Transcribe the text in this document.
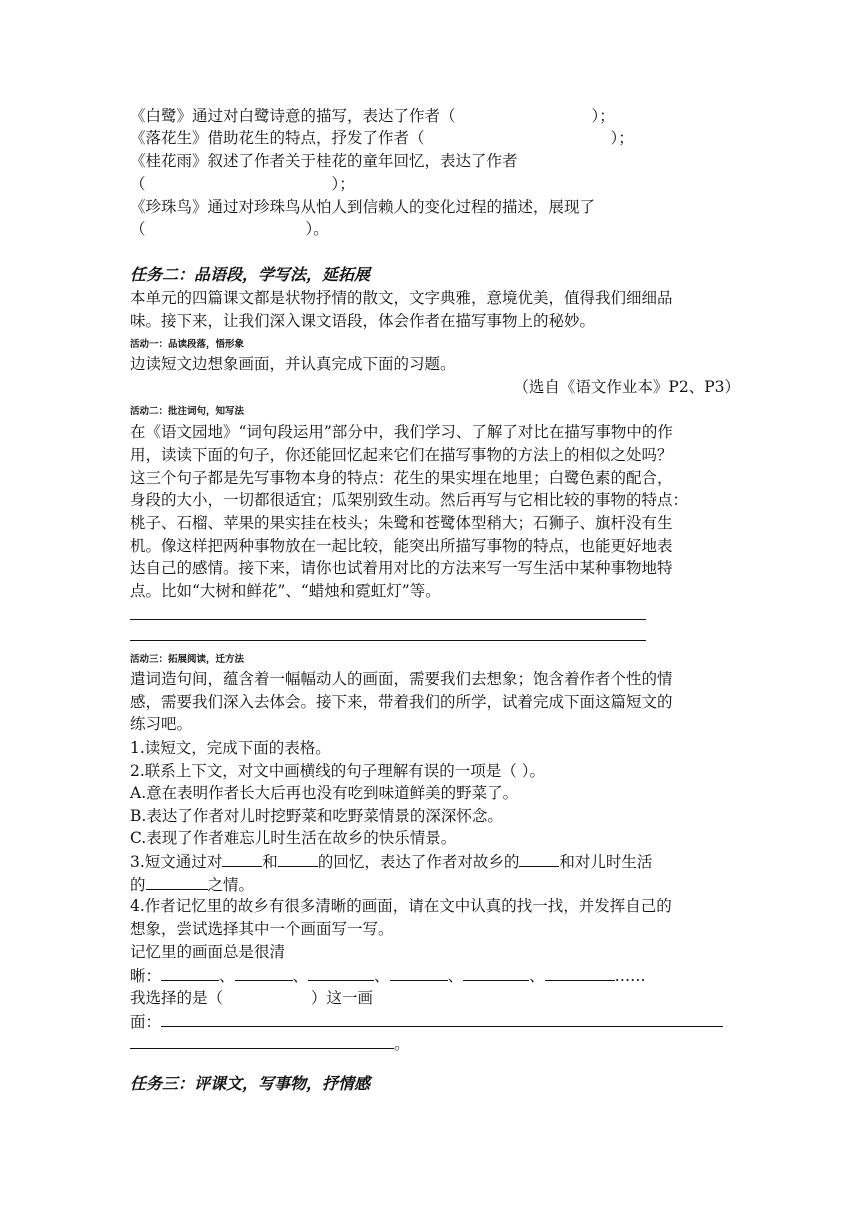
《白鹭》通过对白鹭诗意的描写，表达了作者（	）；
《落花生》借助花生的特点，抒发了作者（	）；
《桂花雨》叙述了作者关于桂花的童年回忆，表达了作者
（	）；
《珍珠鸟》通过对珍珠鸟从怕人到信赖人的变化过程的描述，展现了
（	）。
任务二：品语段，学写法，延拓展
本单元的四篇课文都是状物抒情的散文，文字典雅，意境优美，值得我们细细品
味。接下来，让我们深入课文语段，体会作者在描写事物上的秘妙。
活动一：品读段落，悟形象
边读短文边想象画面，并认真完成下面的习题。
（选自《语文作业本》P2、P3）
活动二：批注词句，知写法
在《语文园地》“词句段运用”部分中，我们学习、了解了对比在描写事物中的作
用，读读下面的句子，你还能回忆起来它们在描写事物的方法上的相似之处吗？
这三个句子都是先写事物本身的特点：花生的果实埋在地里；白鹭色素的配合，
身段的大小，一切都很适宜；瓜架别致生动。然后再写与它相比较的事物的特点：
桃子、石榴、苹果的果实挂在枝头；朱鹭和苍鹭体型稍大；石狮子、旗杆没有生
机。像这样把两种事物放在一起比较，能突出所描写事物的特点，也能更好地表
达自己的感情。接下来，请你也试着用对比的方法来写一写生活中某种事物地特
点。比如“大树和鲜花”、“蜡烛和霓虹灯”等。
活动三：拓展阅读，迁方法
遣词造句间，蕴含着一幅幅动人的画面，需要我们去想象；饱含着作者个性的情
感，需要我们深入去体会。接下来，带着我们的所学，试着完成下面这篇短文的
练习吧。
1.读短文，完成下面的表格。
2.联系上下文，对文中画横线的句子理解有误的一项是（ ）。
A.意在表明作者长大后再也没有吃到味道鲜美的野菜了。
B.表达了作者对儿时挖野菜和吃野菜情景的深深怀念。
C.表现了作者难忘儿时生活在故乡的快乐情景。
3.短文通过对	和	的回忆，表达了作者对故乡的	和对儿时生活
的	之情。
4.作者记忆里的故乡有很多清晰的画面，请在文中认真的找一找，并发挥自己的
想象，尝试选择其中一个画面写一写。
记忆里的画面总是很清
晰：	、	、	、	、	、	……
我选择的是（	）这一画
面：
。
任务三：评课文，写事物，抒情感
